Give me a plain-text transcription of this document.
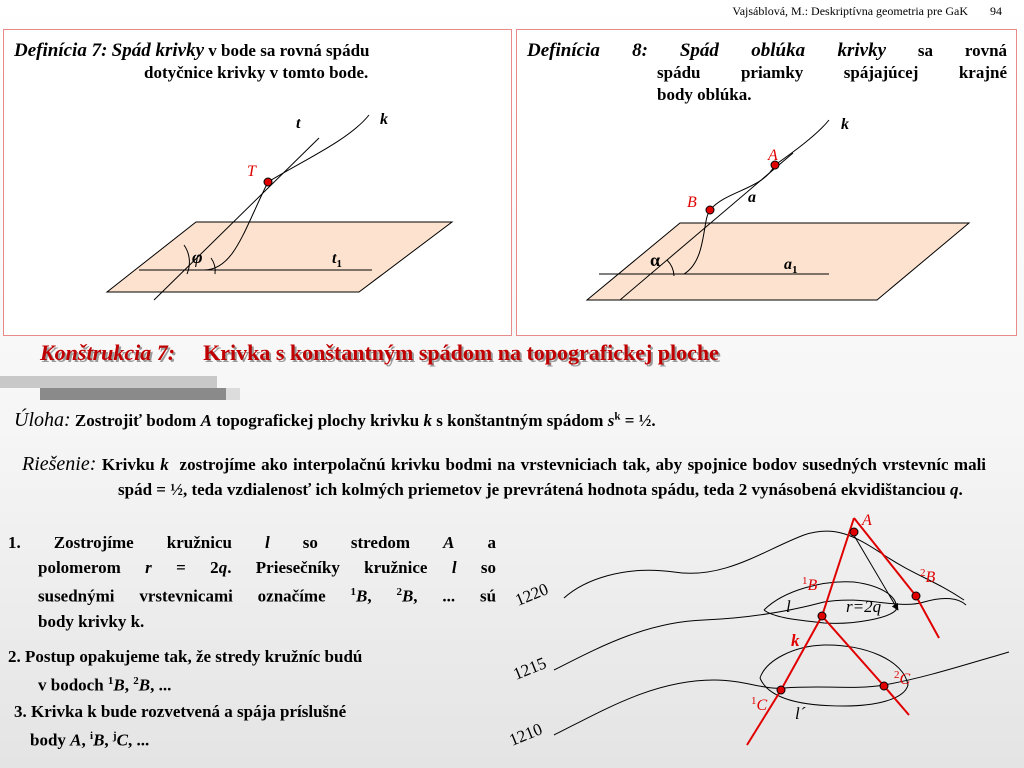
Vajsáblová, M.: Deskriptívna geometria pre GaK 94
Definícia 7: Spád krivky v bode sa rovná spádu
dotyčnice krivky v tomto bode.
t	k
T
φ	$t_1$
Definícia 8: Spád oblúka krivky sa rovná
spádu priamky spájajúcej krajné
body oblúka.
k
A
B	a
α	$a_1$
Konštrukcia 7: Krivka s konštantným spádom na topografickej ploche
Úloha: Zostrojiť bodom A topografickej plochy krivku k s konštantným spádom $s^k$ = ½.
Riešenie: Krivku k zostrojíme ako interpolačnú krivku bodmi na vrstevniciach tak, aby spojnice bodov susedných vrstevníc mali spád = ½, teda vzdialenosť ich kolmých priemetov je prevrátená hodnota spádu, teda 2 vynásobená ekvidištanciou q.
1. Zostrojíme kružnicu l so stredom A a
polomerom r = 2q. Priesečníky kružnice l so
susednými vrstevnicami označíme $^1$B, $^2$B, ... sú
body krivky k.
2. Postup opakujeme tak, že stredy kružníc budú
v bodoch $^1$B, $^2$B, ...
3. Krivka k bude rozvetvená a spája príslušné
body A, $^i$B, $^j$C, ...
1220
1215
1210
A
$^1$B
$^2$B
l	r=2q
k
$^2$C
$^1$C l´
